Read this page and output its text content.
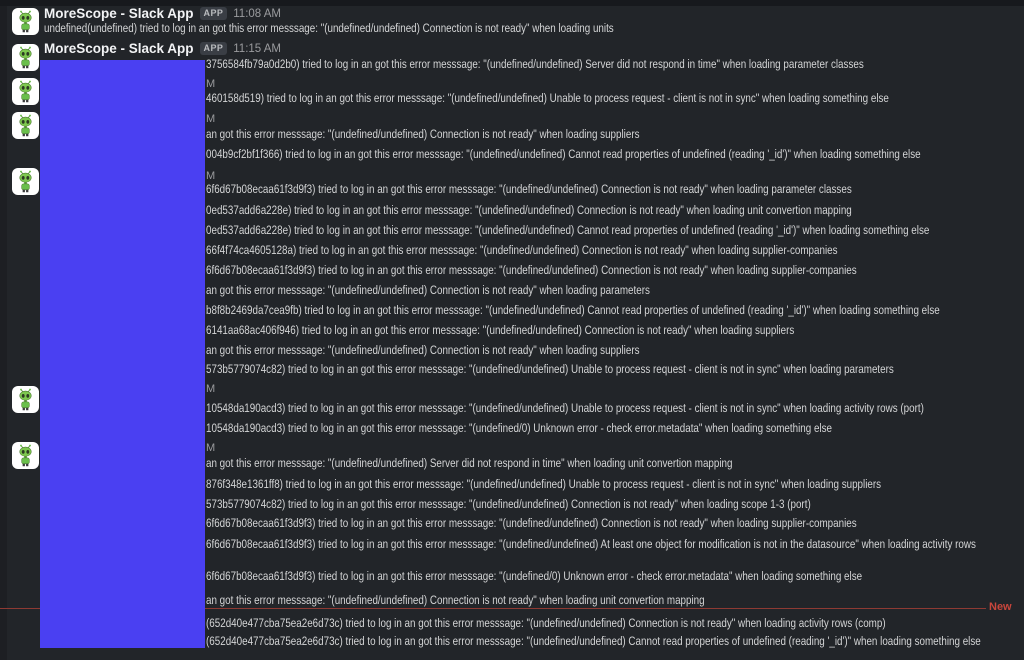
MoreScope - Slack App	APP 11:08 AM
MoreScope - Slack App	APP 11:15 AM
undefined(undefined) tried to log in an got this error messsage: "(undefined/undefined) Connection is not ready" when loading units
3756584fb79a0d2b0) tried to log in an got this error messsage: "(undefined/undefined) Server did not respond in time" when loading parameter classes
M
460158d519) tried to log in an got this error messsage: "(undefined/undefined) Unable to process request - client is not in sync" when loading something else
M
an got this error messsage: "(undefined/undefined) Connection is not ready" when loading suppliers
004b9cf2bf1f366) tried to log in an got this error messsage: "(undefined/undefined) Cannot read properties of undefined (reading '_id')" when loading something else
M
6f6d67b08ecaa61f3d9f3) tried to log in an got this error messsage: "(undefined/undefined) Connection is not ready" when loading parameter classes
0ed537add6a228e) tried to log in an got this error messsage: "(undefined/undefined) Connection is not ready" when loading unit convertion mapping
0ed537add6a228e) tried to log in an got this error messsage: "(undefined/undefined) Cannot read properties of undefined (reading '_id')" when loading something else
66f4f74ca4605128a) tried to log in an got this error messsage: "(undefined/undefined) Connection is not ready" when loading supplier-companies
6f6d67b08ecaa61f3d9f3) tried to log in an got this error messsage: "(undefined/undefined) Connection is not ready" when loading supplier-companies
an got this error messsage: "(undefined/undefined) Connection is not ready" when loading parameters
b8f8b2469da7cea9fb) tried to log in an got this error messsage: "(undefined/undefined) Cannot read properties of undefined (reading '_id')" when loading something else
6141aa68ac406f946) tried to log in an got this error messsage: "(undefined/undefined) Connection is not ready" when loading suppliers
an got this error messsage: "(undefined/undefined) Connection is not ready" when loading suppliers
573b5779074c82) tried to log in an got this error messsage: "(undefined/undefined) Unable to process request - client is not in sync" when loading parameters
M
10548da190acd3) tried to log in an got this error messsage: "(undefined/undefined) Unable to process request - client is not in sync" when loading activity rows (port)
10548da190acd3) tried to log in an got this error messsage: "(undefined/0) Unknown error - check error.metadata" when loading something else
M
an got this error messsage: "(undefined/undefined) Server did not respond in time" when loading unit convertion mapping
876f348e1361ff8) tried to log in an got this error messsage: "(undefined/undefined) Unable to process request - client is not in sync" when loading suppliers
573b5779074c82) tried to log in an got this error messsage: "(undefined/undefined) Connection is not ready" when loading scope 1-3 (port)
6f6d67b08ecaa61f3d9f3) tried to log in an got this error messsage: "(undefined/undefined) Connection is not ready" when loading supplier-companies
6f6d67b08ecaa61f3d9f3) tried to log in an got this error messsage: "(undefined/undefined) At least one object for modification is not in the datasource" when loading activity rows
6f6d67b08ecaa61f3d9f3) tried to log in an got this error messsage: "(undefined/0) Unknown error - check error.metadata" when loading something else
an got this error messsage: "(undefined/undefined) Connection is not ready" when loading unit convertion mapping
(652d40e477cba75ea2e6d73c) tried to log in an got this error messsage: "(undefined/undefined) Connection is not ready" when loading activity rows (comp)
(652d40e477cba75ea2e6d73c) tried to log in an got this error messsage: "(undefined/undefined) Cannot read properties of undefined (reading '_id')" when loading something else
New
